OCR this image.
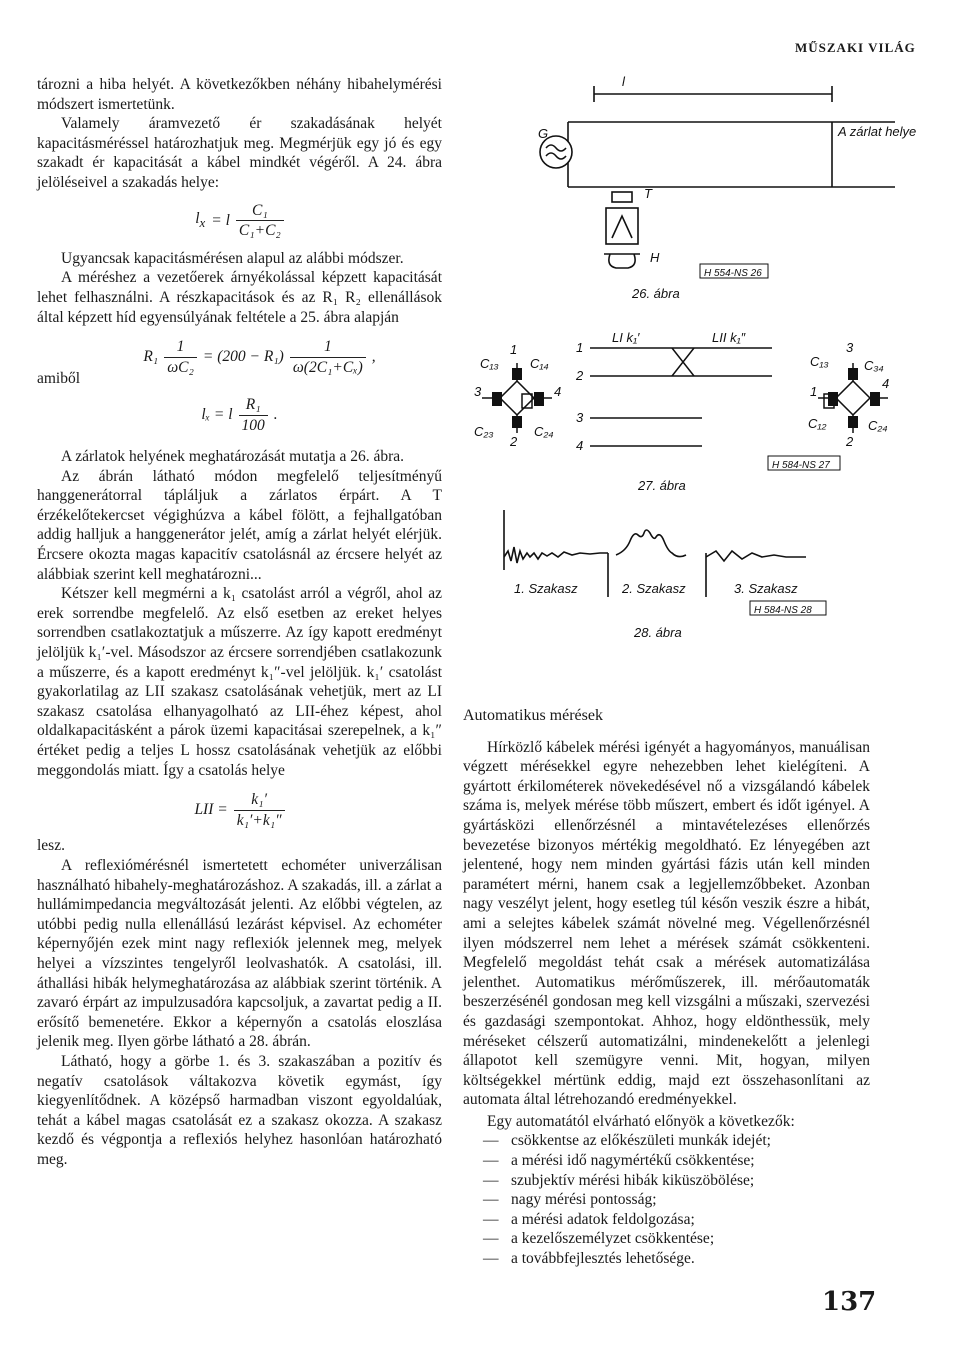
MŰSZAKI VILÁG

tározni a hiba helyét. A következőkben néhány hibahelymérési módszert ismertetünk.

Valamely áramvezető ér szakadásának helyét kapacitásméréssel határozhatjuk meg. Megmérjük egy jó és egy szakadt ér kapacitását a kábel mindkét végéről. A 24. ábra jelöléseivel a szakadás helye:

$l_x = l \frac{\text{C₁}}{\text{C₁+C₂}}$

Ugyancsak kapacitásmérésen alapul az alábbi módszer.

A méréshez a vezetőerek árnyékolással képzett kapacitását lehet felhasználni. A részkapacitások és az R₁ R₂ ellenállások által képzett híd egyensúlyának feltétele a 25. ábra alapján

$R_1 \frac{1}{\text{ωC₂}} = (200 - R_1) \frac{1}{\text{ω(2C₁+Cₓ)}}$ ,

amiből

lₓ = l $\frac{\text{R₁}}{100}$ .

A zárlatok helyének meghatározását mutatja a 26. ábra.

Az ábrán látható módon megfelelő teljesítményű hanggenerátorral tápláljuk a zárlatos érpárt. A T érzékelőtekercset végighúzva a kábel fölött, a fejhallgatóban addig halljuk a hanggenerátor jelét, amíg a zárlat helyét elérjük. Ércsere okozta magas kapacitív csatolásnál az ércsere helyét az alábbiak szerint kell meghatározni...

Kétszer kell megmérni a k₁ csatolást arról a végről, ahol az erek sorrendbe megfelelő. Az első esetben az ereket helyes sorrendben csatlakoztatjuk a műszerre. Az így kapott eredményt jelöljük k₁′-vel. Másodszor az ércsere sorrendjében csatlakozunk a műszerre, és a kapott eredményt k₁″-vel jelöljük. k₁′ csatolást gyakorlatilag az LII szakasz csatolásának vehetjük, mert az LI szakasz csatolása elhanyagolható az LII-éhez képest, ahol oldalkapacitásként a párok üzemi kapacitásai szerepelnek, a k₁″ értéket pedig a teljes L hossz csatolásának vehetjük az előbbi meggondolás miatt. Így a csatolás helye

LII = $\frac{\text{k₁′}}{\text{k₁′+k₁″}}$

lesz.

A reflexiómérésnél ismertetett echométer univerzálisan használható hibahely-meghatározáshoz. A szakadás, ill. a zárlat a hullámimpedancia megváltozását jelenti. Az előbbi végtelen, az utóbbi pedig nulla ellenállású lezárást képvisel. Az echométer képernyőjén ezek mint nagy reflexiók jelennek meg, melyek helyei a vízszintes tengelyről leolvashatók. A csatolási, ill. áthallási hibák helymeghatározása az alábbiak szerint történik. A zavaró érpárt az impulzusadóra kapcsoljuk, a zavartat pedig a II. erősítő bemenetére. Ekkor a képernyőn a csatolás eloszlása jelenik meg. Ilyen görbe látható a 28. ábrán.

Látható, hogy a görbe 1. és 3. szakaszában a pozitív és negatív csatolások váltakozva követik egymást, így kiegyenlítődnek. A középső harmadban viszont egyoldalúak, tehát a kábel magas csatolását ez a szakasz okozza. A szakasz kezdő és végpontja a reflexiós helyhez hasonlóan határozható meg.

l
G
T
H
A zárlat helye
H 554-NS 26
26. ábra
1
3	4
2
C₁₃ C₁₄
C₂₃	C₂₄
1
2
3
4
LI k₁′	LII k₁″
3
1
4
2
C₁₃	C₃₄
C₁₂	C₂₄
H 584-NS 27
27. ábra
1. Szakasz	2. Szakasz	3. Szakasz
H 584-NS 28
28. ábra

Automatikus mérések

Hírközlő kábelek mérési igényét a hagyományos, manuálisan végzett mérésekkel egyre nehezebben lehet kielégíteni. A gyártott érkilométerek növekedésével nő a vizsgálandó kábelek száma is, melyek mérése több műszert, embert és időt igényel. A gyártásközi ellenőrzésnél a mintavételezéses ellenőrzés bevezetése bizonyos mértékig megoldható. Ez lényegében azt jelentené, hogy nem minden gyártási fázis után kell minden paramétert mérni, hanem csak a legjellemzőbbeket. Azonban nagy veszélyt jelent, hogy esetleg túl későn veszik észre a hibát, ami a selejtes kábelek számát növelné meg. Végellenőrzésnél ilyen módszerrel nem lehet a mérések számát csökkenteni. Megfelelő megoldást tehát csak a mérések automatizálása jelenthet. Automatikus mérőműszerek, ill. mérőautomaták beszerzésénél gondosan meg kell vizsgálni a műszaki, szervezési és gazdasági szempontokat. Ahhoz, hogy eldönthessük, mely méréseket célszerű automatizálni, mindenekelőtt a jelenlegi állapotot kell szemügyre venni. Mit, hogyan, milyen költségekkel mértünk eddig, majd ezt összehasonlítani az automata által létrehozandó eredményekkel.

Egy automatától elvárható előnyök a következők:

— csökkentse az előkészületi munkák idejét;
— a mérési idő nagymértékű csökkentése;
— szubjektív mérési hibák kiküszöbölése;
— nagy mérési pontosság;
— a mérési adatok feldolgozása;
— a kezelőszemélyzet csökkentése;
— a továbbfejlesztés lehetősége.
137
